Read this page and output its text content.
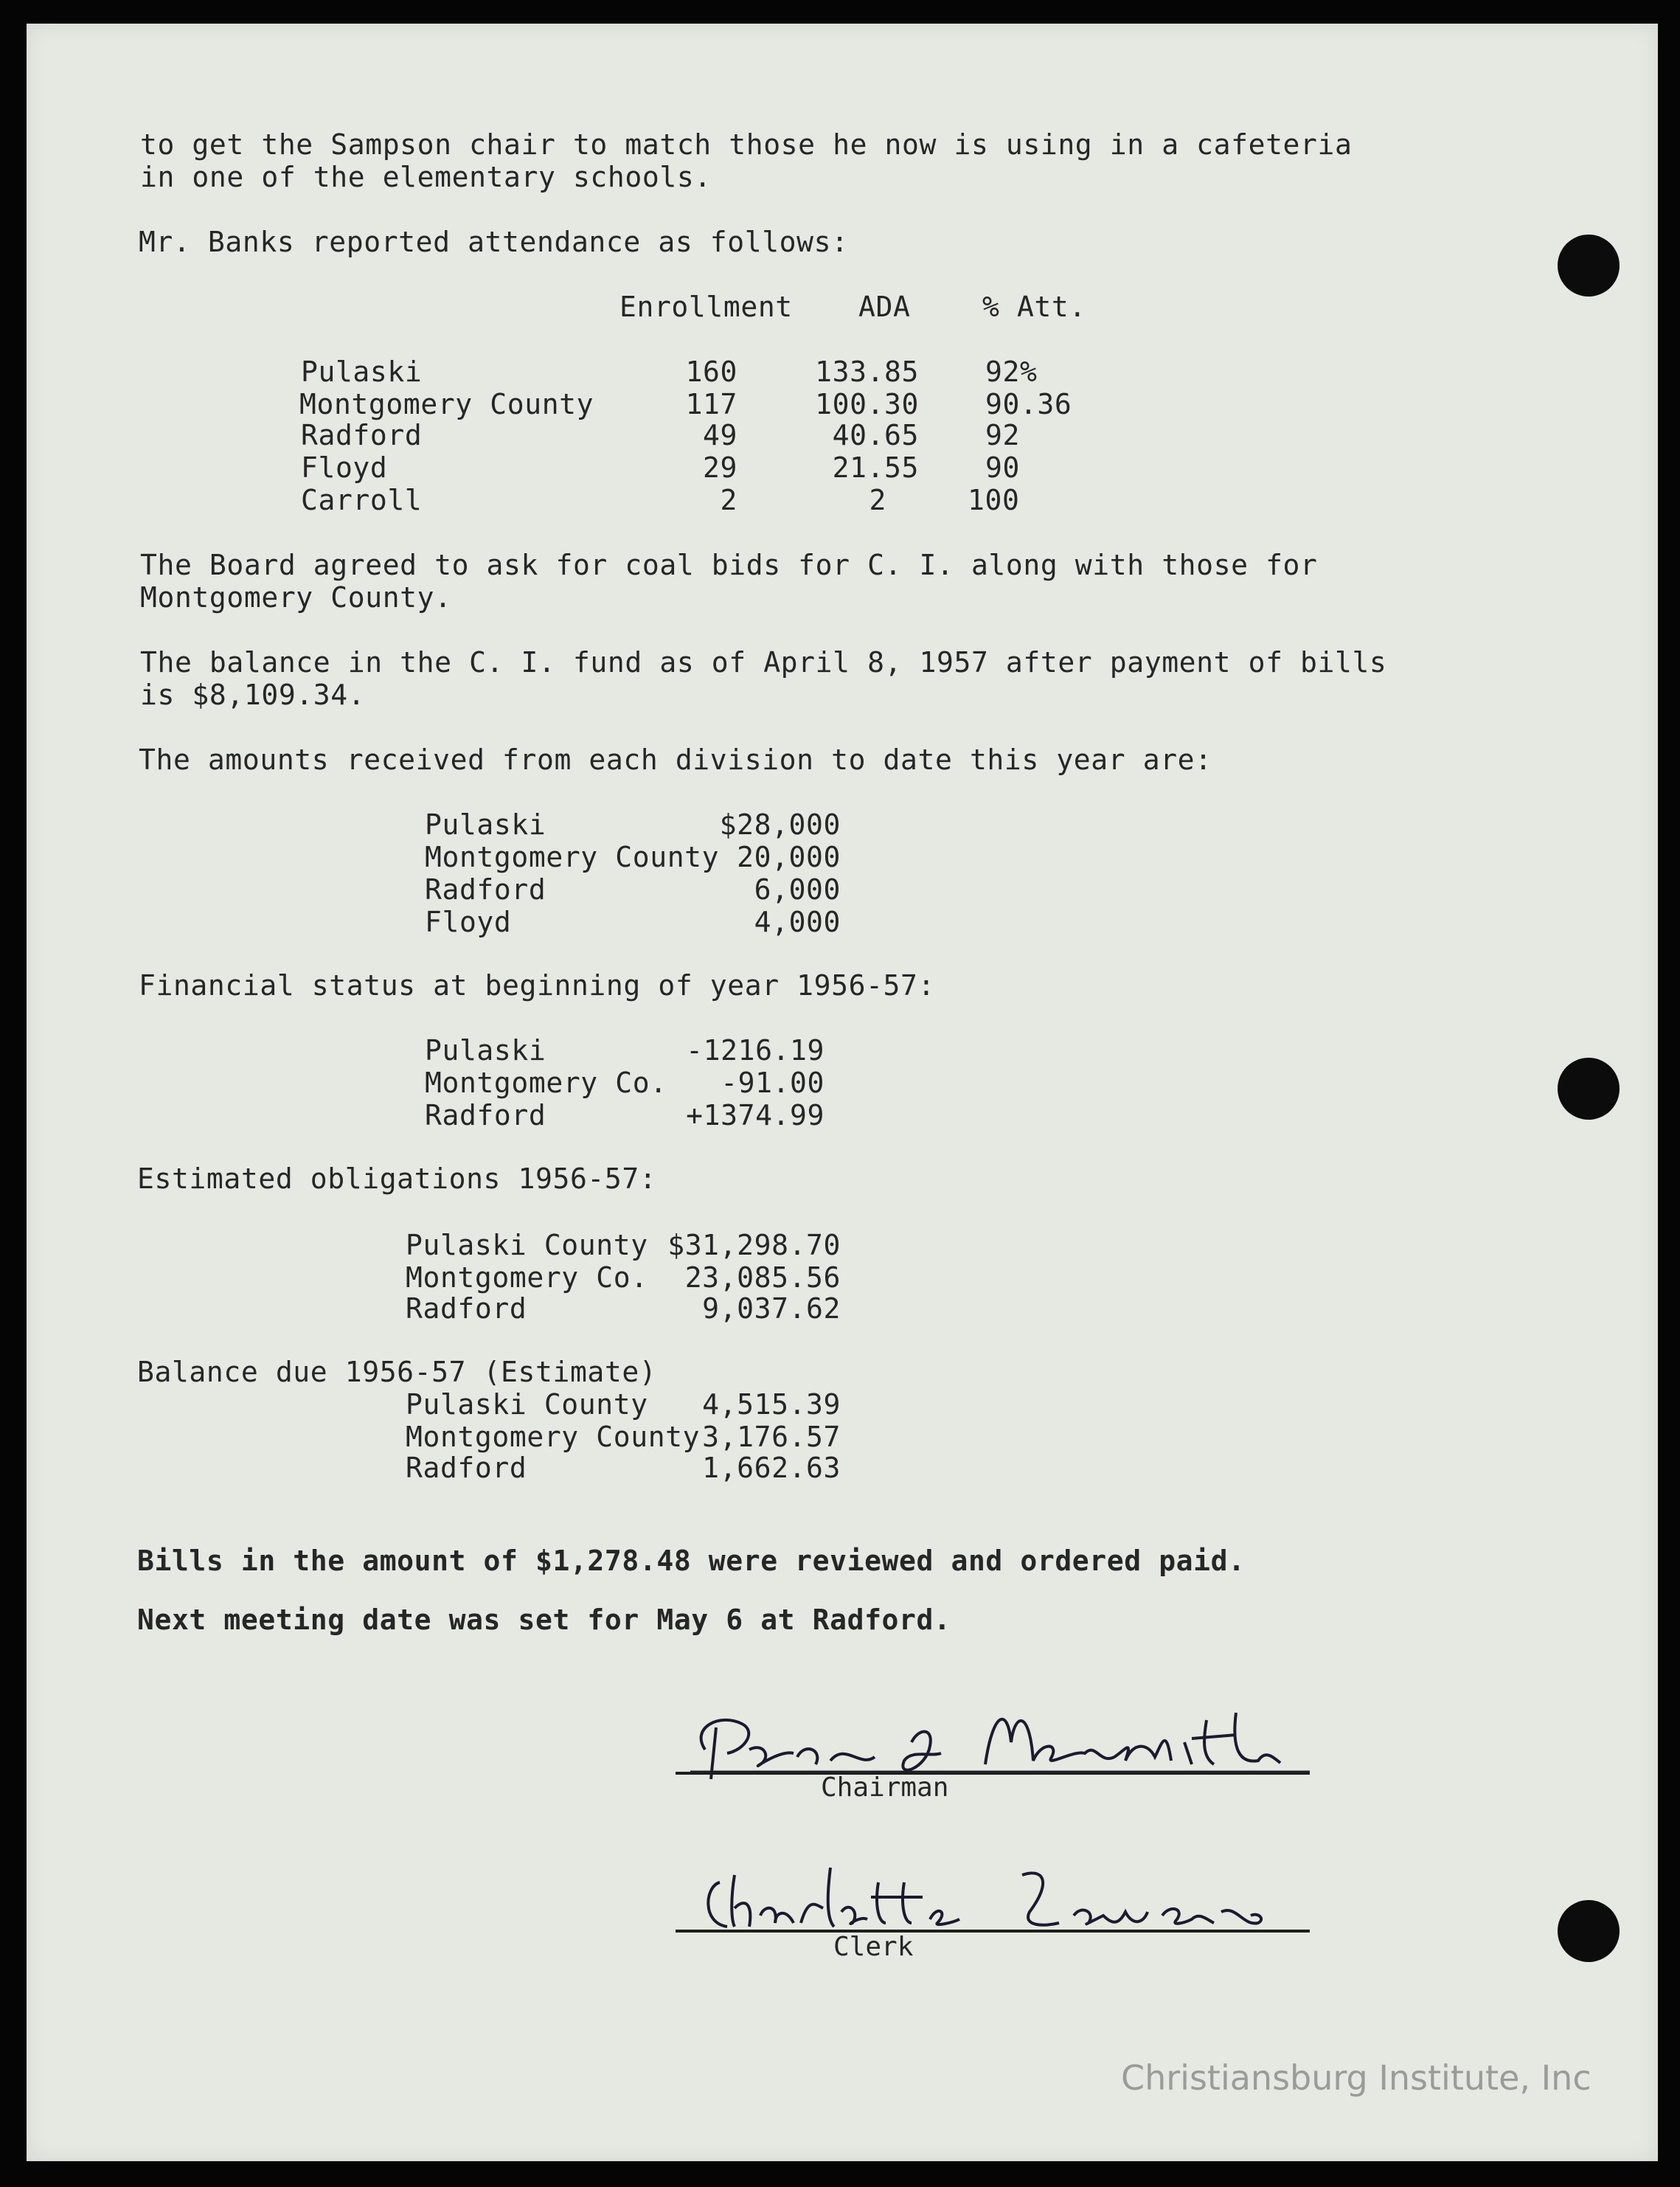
to get the Sampson chair to match those he now is using in a cafeteria
in one of the elementary schools.
Mr. Banks reported attendance as follows:
Enrollment ADA	% Att.
Pulaski	160	133.85 92%
Montgomery County	117	100.30 90.36
Radford	49	40.65 92
Floyd	29	21.55 90
Carroll	2	2	100
The Board agreed to ask for coal bids for C. I. along with those for
Montgomery County.
The balance in the C. I. fund as of April 8, 1957 after payment of bills
is $8,109.34.
The amounts received from each division to date this year are:
Pulaski	$28,000
Montgomery County 20,000
Radford	6,000
Floyd	4,000
Financial status at beginning of year 1956-57:
Pulaski	-1216.19
Montgomery Co.	-91.00
Radford	+1374.99
Estimated obligations 1956-57:
Pulaski County $31,298.70
Montgomery Co.	23,085.56
Radford	9,037.62
Balance due 1956-57 (Estimate)
Pulaski County	4,515.39
Montgomery County 3,176.57
Radford	1,662.63
Bills in the amount of $1,278.48 were reviewed and ordered paid.
Next meeting date was set for May 6 at Radford.
Chairman
Clerk
Christiansburg Institute, Inc
